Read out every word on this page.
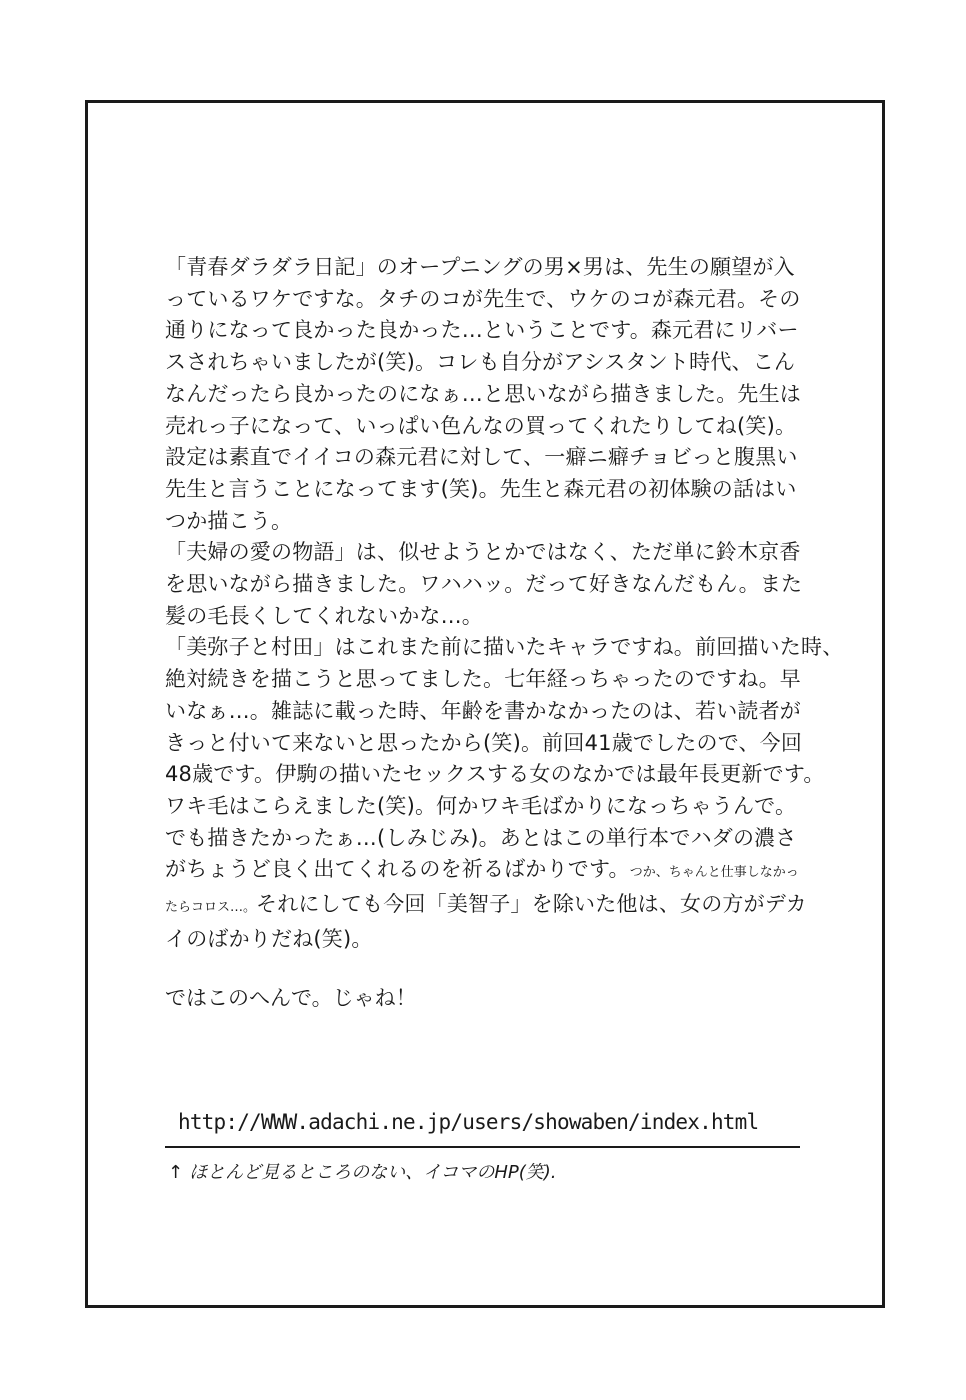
「青春ダラダラ日記」のオープニングの男×男は、先生の願望が入
っているワケですな。タチのコが先生で、ウケのコが森元君。その
通りになって良かった良かった…ということです。森元君にリバー
スされちゃいましたが(笑)。コレも自分がアシスタント時代、こん
なんだったら良かったのになぁ…と思いながら描きました。先生は
売れっ子になって、いっぱい色んなの買ってくれたりしてね(笑)。
設定は素直でイイコの森元君に対して、一癖ニ癖チョビっと腹黒い
先生と言うことになってます(笑)。先生と森元君の初体験の話はい
つか描こう。
「夫婦の愛の物語」は、似せようとかではなく、ただ単に鈴木京香
を思いながら描きました。ワハハッ。だって好きなんだもん。また
髪の毛長くしてくれないかな…。
「美弥子と村田」はこれまた前に描いたキャラですね。前回描いた時、
絶対続きを描こうと思ってました。七年経っちゃったのですね。早
いなぁ…。雑誌に載った時、年齢を書かなかったのは、若い読者が
きっと付いて来ないと思ったから(笑)。前回41歳でしたので、今回
48歳です。伊駒の描いたセックスする女のなかでは最年長更新です。
ワキ毛はこらえました(笑)。何かワキ毛ばかりになっちゃうんで。
でも描きたかったぁ…(しみじみ)。あとはこの単行本でハダの濃さ
がちょうど良く出てくれるのを祈るばかりです。つか、ちゃんと仕事しなかっ
たらコロス…。それにしても今回「美智子」を除いた他は、女の方がデカ
イのばかりだね(笑)。
ではこのへんで。じゃね！
http://WWW.adachi.ne.jp/users/showaben/index.html
↑ ほとんど見るところのない、イコマのHP(笑).
